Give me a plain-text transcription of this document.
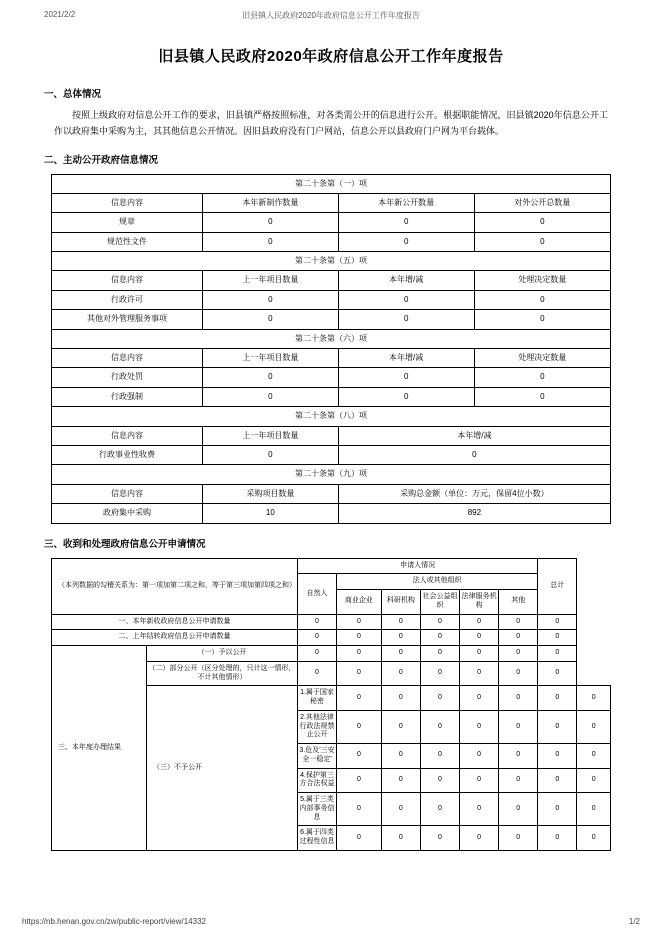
2021/2/2	旧县镇人民政府2020年政府信息公开工作年度报告
旧县镇人民政府2020年政府信息公开工作年度报告
一、总体情况
按照上级政府对信息公开工作的要求，旧县镇严格按照标准，对各类需公开的信息进行公开。根据职能情况，旧县镇2020年信息公开工作以政府集中采购为主，其其他信息公开情况。因旧县政府没有门户网站，信息公开以县政府门户网为平台载体。
二、主动公开政府信息情况
第二十条第（一）项			
信息内容	本年新制作数量	本年新公开数量	对外公开总数量
规章	0	0	0
规范性文件	0	0	0
第二十条第（五）项			
信息内容	上一年项目数量	本年增/减	处理决定数量
行政许可	0	0	0
其他对外管理服务事项	0	0	0
第二十条第（六）项			
信息内容	上一年项目数量	本年增/减	处理决定数量
行政处罚	0	0	0
行政强制	0	0	0
第二十条第（八）项			
信息内容	上一年项目数量	本年增/减	
行政事业性收费	0	0	
第二十条第（九）项			
信息内容	采购项目数量	采购总金额（单位：万元，保留4位小数）	
政府集中采购	10	892	
三、收到和处理政府信息公开申请情况
（本列数据的勾稽关系为：第一项加第二项之和，等于第三项加第四项之和）		申请人情况						总计	
		自然人	法人或其他组织						
			商业企业	科研机构	社会公益组织	法律服务机构	其他		
一、本年新收政府信息公开申请数量		0	0	0	0	0	0	0	
二、上年结转政府信息公开申请数量		0	0	0	0	0	0	0	
三、本年度办理结果	（一）予以公开	0	0	0	0	0	0	0	
	（二）部分公开（区分处理的，只计这一情形，不计其他情形）	0	0	0	0	0	0	0	
	（三）不予公开	1.属于国家秘密	0	0	0	0	0	0	0
		2.其他法律行政法规禁止公开	0	0	0	0	0	0	0
		3.危及'三安全一稳定'	0	0	0	0	0	0	0
		4.保护第三方合法权益	0	0	0	0	0	0	0
		5.属于三类内部事务信息	0	0	0	0	0	0	0
		6.属于四类过程性信息	0	0	0	0	0	0	0
https://nb.henan.gov.cn/zw/public-report/view/14332	1/2
